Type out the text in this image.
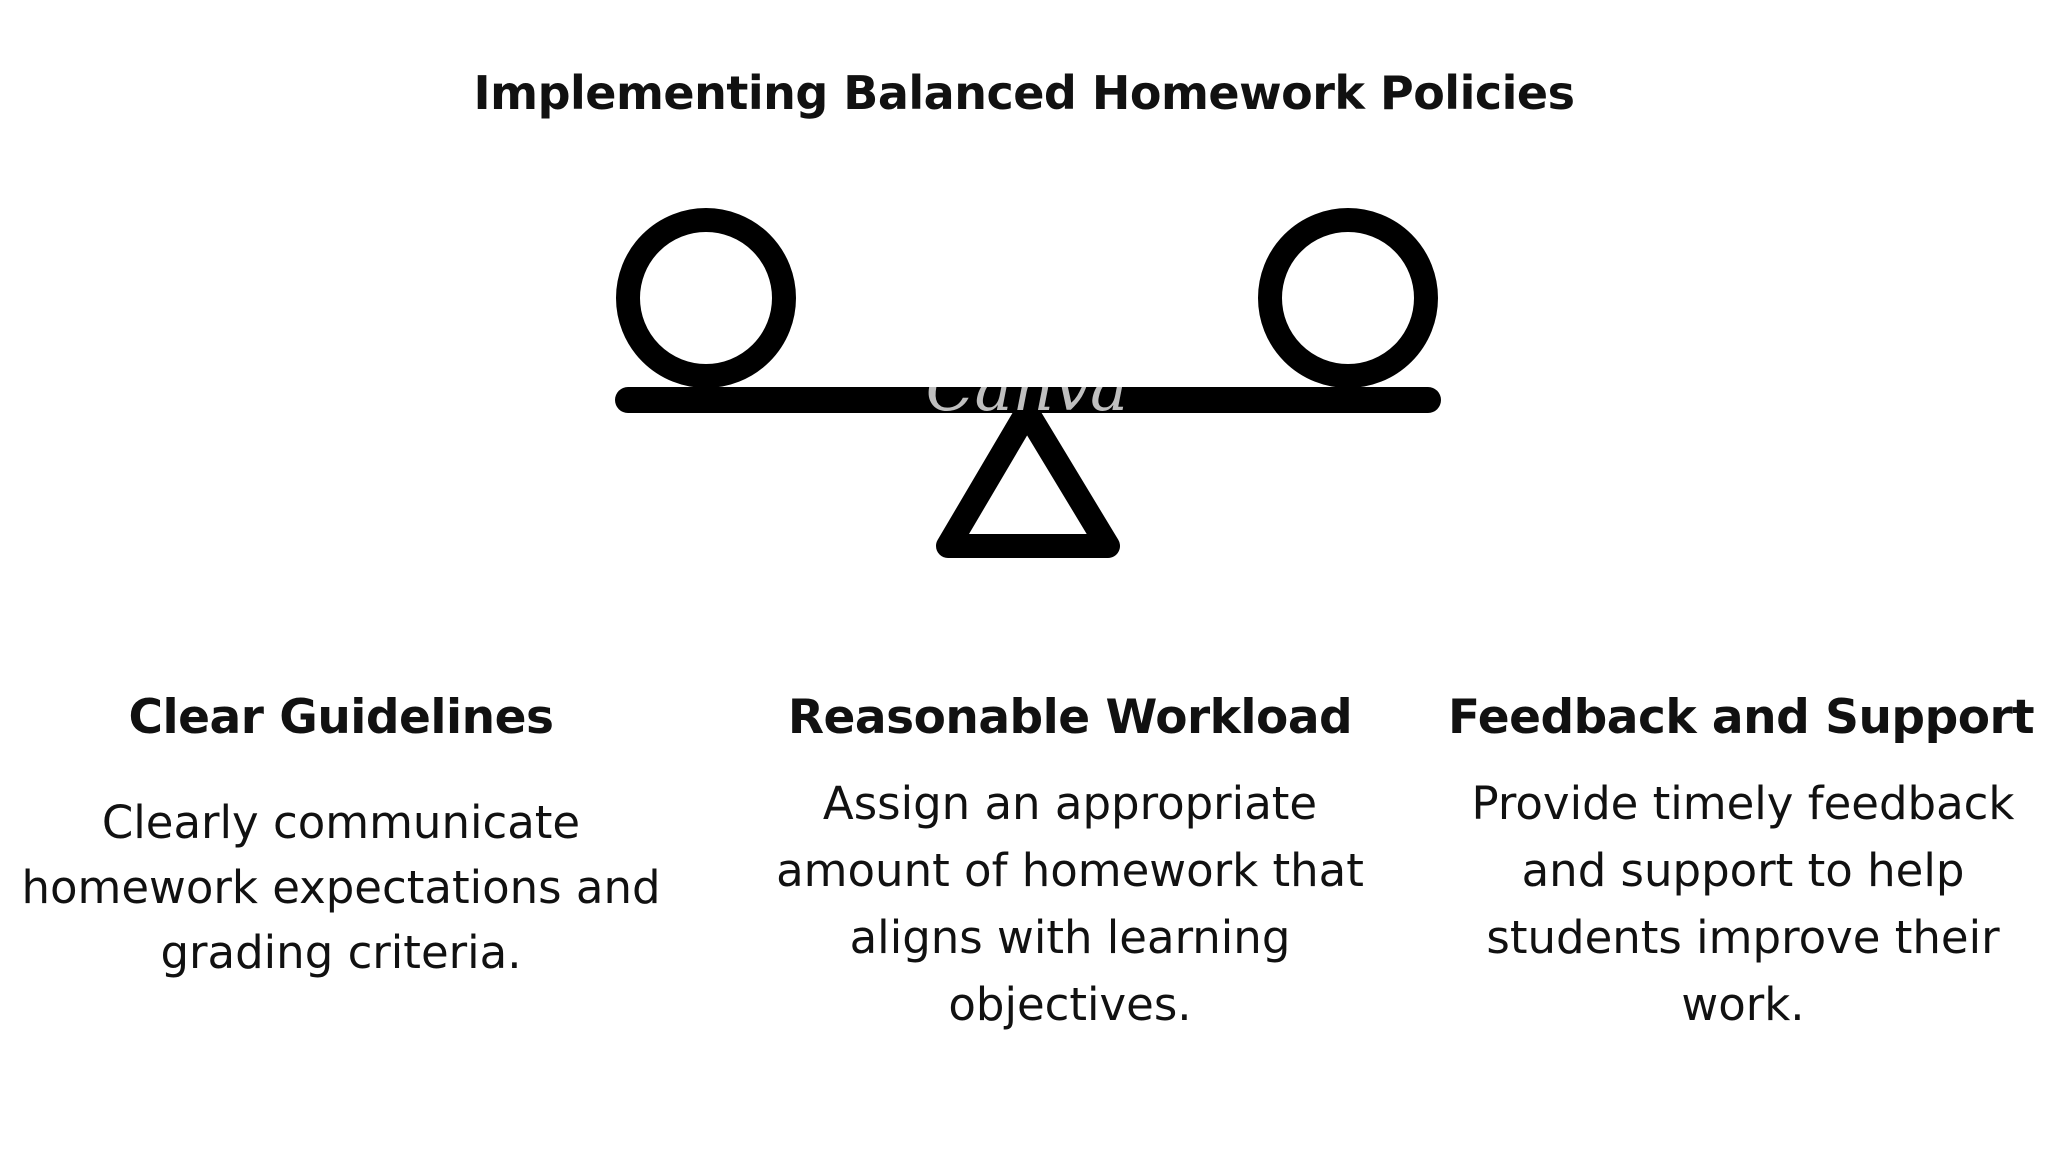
Implementing Balanced Homework Policies
Canva
Clear Guidelines

Clearly communicate homework expectations and grading criteria.

Reasonable Workload

Assign an appropriate amount of homework that aligns with learning objectives.

Feedback and Support

Provide timely feedback and support to help students improve their work.
